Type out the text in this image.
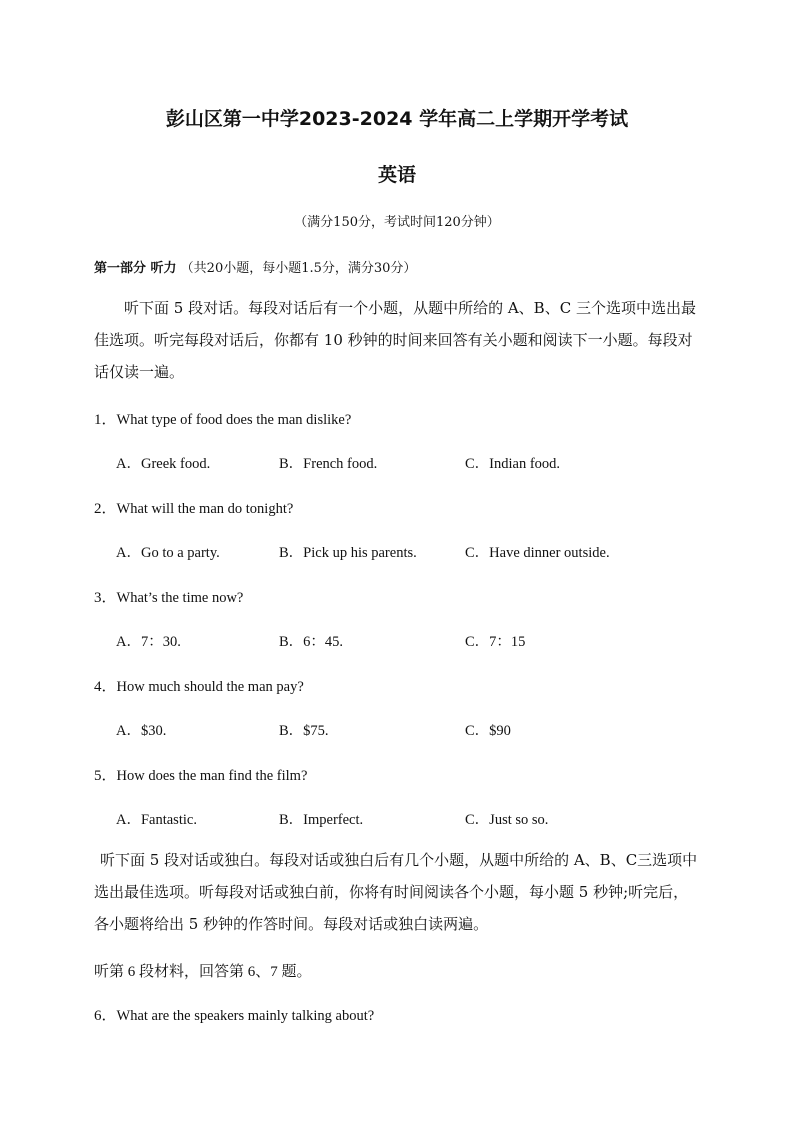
彭山区第一中学2023-2024 学年高二上学期开学考试
英语
（满分150分，考试时间120分钟）
第一部分 听力 （共20小题，每小题1.5分，满分30分）

听下面 5 段对话。每段对话后有一个小题，从题中所给的 A、B、C 三个选项中选出最佳选项。听完每段对话后，你都有 10 秒钟的时间来回答有关小题和阅读下一小题。每段对话仅读一遍。

1．What type of food does the man dislike?
A．Greek food.	B．French food.	C．Indian food.
2．What will the man do tonight?
A．Go to a party.	B．Pick up his parents.	C．Have dinner outside.
3．What’s the time now?
A．7：30.	B．6：45.	C．7：15
4．How much should the man pay?
A．$30.	B．$75.	C．$90
5．How does the man find the film?
A．Fantastic.	B．Imperfect.	C．Just so so.

听下面 5 段对话或独白。每段对话或独白后有几个小题，从题中所给的 A、B、C三选项中选出最佳选项。听每段对话或独白前，你将有时间阅读各个小题，每小题 5 秒钟;听完后，各小题将给出 5 秒钟的作答时间。每段对话或独白读两遍。

听第 6 段材料，回答第 6、7 题。
6．What are the speakers mainly talking about?
